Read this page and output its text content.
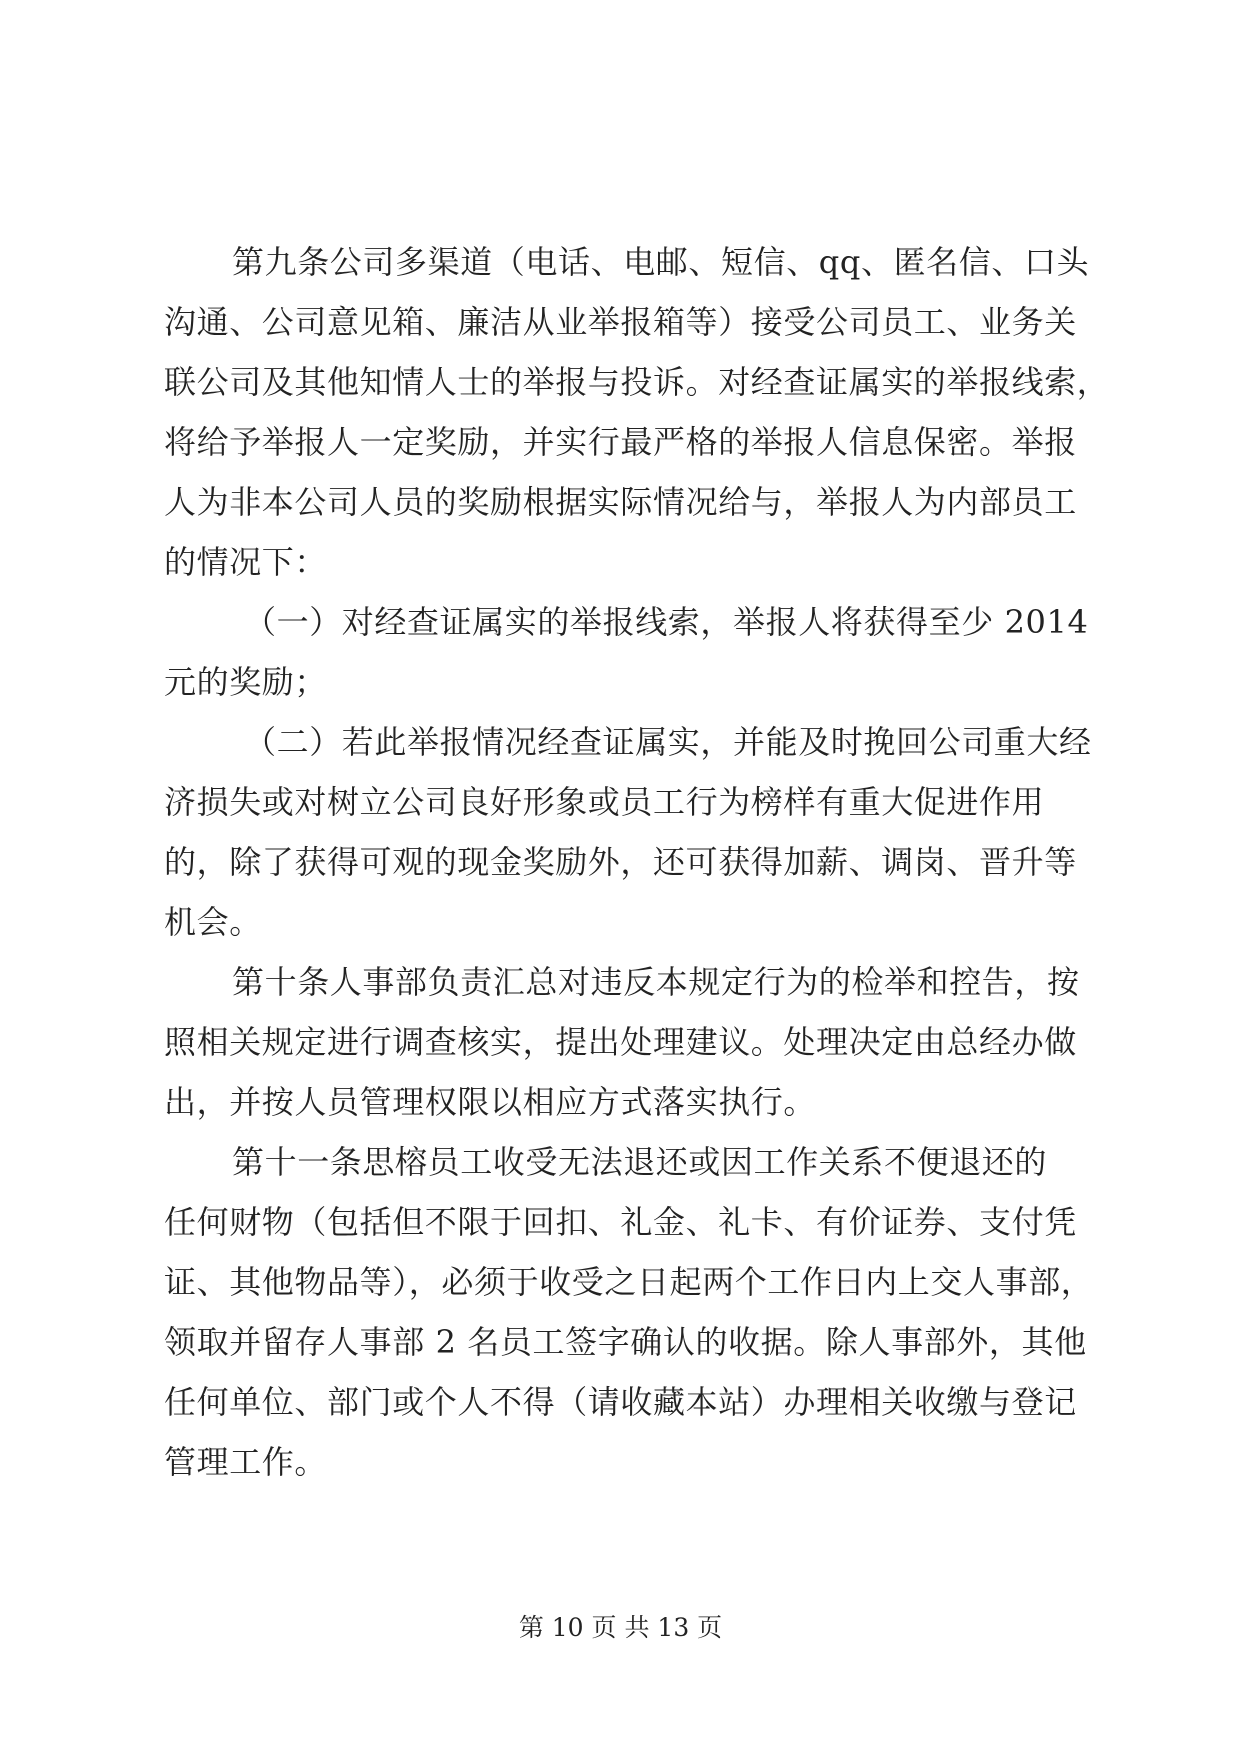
第九条公司多渠道（电话、电邮、短信、qq、匿名信、口头
沟通、公司意见箱、廉洁从业举报箱等）接受公司员工、业务关
联公司及其他知情人士的举报与投诉。对经查证属实的举报线索，
将给予举报人一定奖励，并实行最严格的举报人信息保密。举报
人为非本公司人员的奖励根据实际情况给与，举报人为内部员工
的情况下：
（一）对经查证属实的举报线索，举报人将获得至少 2014
元的奖励；
（二）若此举报情况经查证属实，并能及时挽回公司重大经
济损失或对树立公司良好形象或员工行为榜样有重大促进作用
的，除了获得可观的现金奖励外，还可获得加薪、调岗、晋升等
机会。
第十条人事部负责汇总对违反本规定行为的检举和控告，按
照相关规定进行调查核实，提出处理建议。处理决定由总经办做
出，并按人员管理权限以相应方式落实执行。
第十一条思榕员工收受无法退还或因工作关系不便退还的
任何财物（包括但不限于回扣、礼金、礼卡、有价证券、支付凭
证、其他物品等），必须于收受之日起两个工作日内上交人事部，
领取并留存人事部 2 名员工签字确认的收据。除人事部外，其他
任何单位、部门或个人不得（请收藏本站）办理相关收缴与登记
管理工作。
第 10 页 共 13 页
